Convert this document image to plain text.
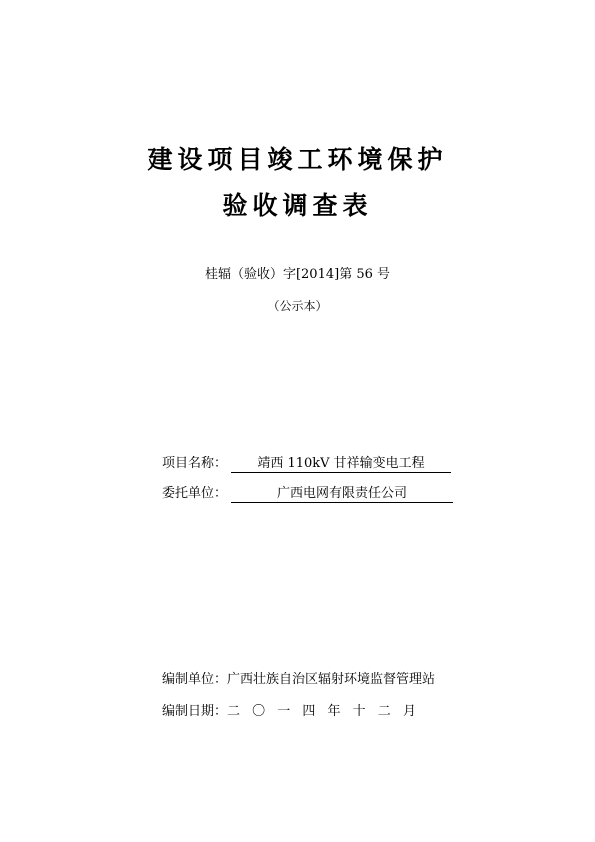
建设项目竣工环境保护
验收调查表
桂辐（验收）字[2014]第 56 号
（公示本）
项目名称： 靖西 110kV 甘祥输变电工程
委托单位：	广西电网有限责任公司
编制单位：广西壮族自治区辐射环境监督管理站
编制日期：二 〇 一 四 年 十 二 月
